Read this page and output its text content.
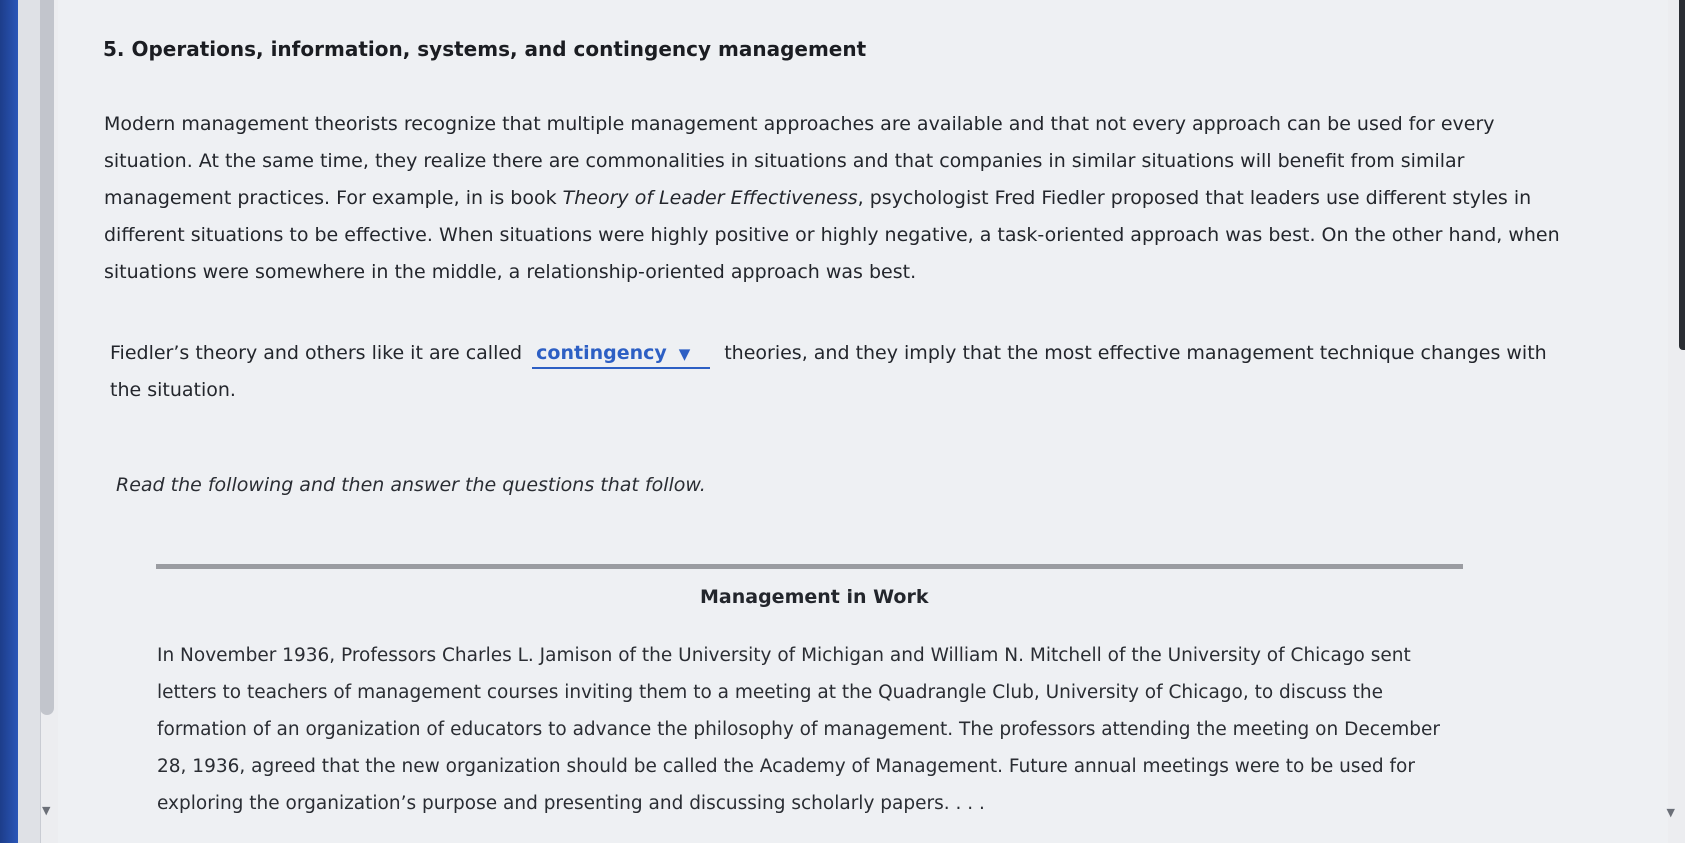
▼
5. Operations, information, systems, and contingency management
Modern management theorists recognize that multiple management approaches are available and that not every approach can be used for every situation. At the same time, they realize there are commonalities in situations and that companies in similar situations will benefit from similar management practices. For example, in is book Theory of Leader Effectiveness, psychologist Fred Fiedler proposed that leaders use different styles in different situations to be effective. When situations were highly positive or highly negative, a task-oriented approach was best. On the other hand, when situations were somewhere in the middle, a relationship-oriented approach was best.
Fiedler’s theory and others like it are called contingency ▼ theories, and they imply that the most effective management technique changes with the situation.
Read the following and then answer the questions that follow.
Management in Work
In November 1936, Professors Charles L. Jamison of the University of Michigan and William N. Mitchell of the University of Chicago sent letters to teachers of management courses inviting them to a meeting at the Quadrangle Club, University of Chicago, to discuss the formation of an organization of educators to advance the philosophy of management. The professors attending the meeting on December 28, 1936, agreed that the new organization should be called the Academy of Management. Future annual meetings were to be used for exploring the organization’s purpose and presenting and discussing scholarly papers. . . .	▼
